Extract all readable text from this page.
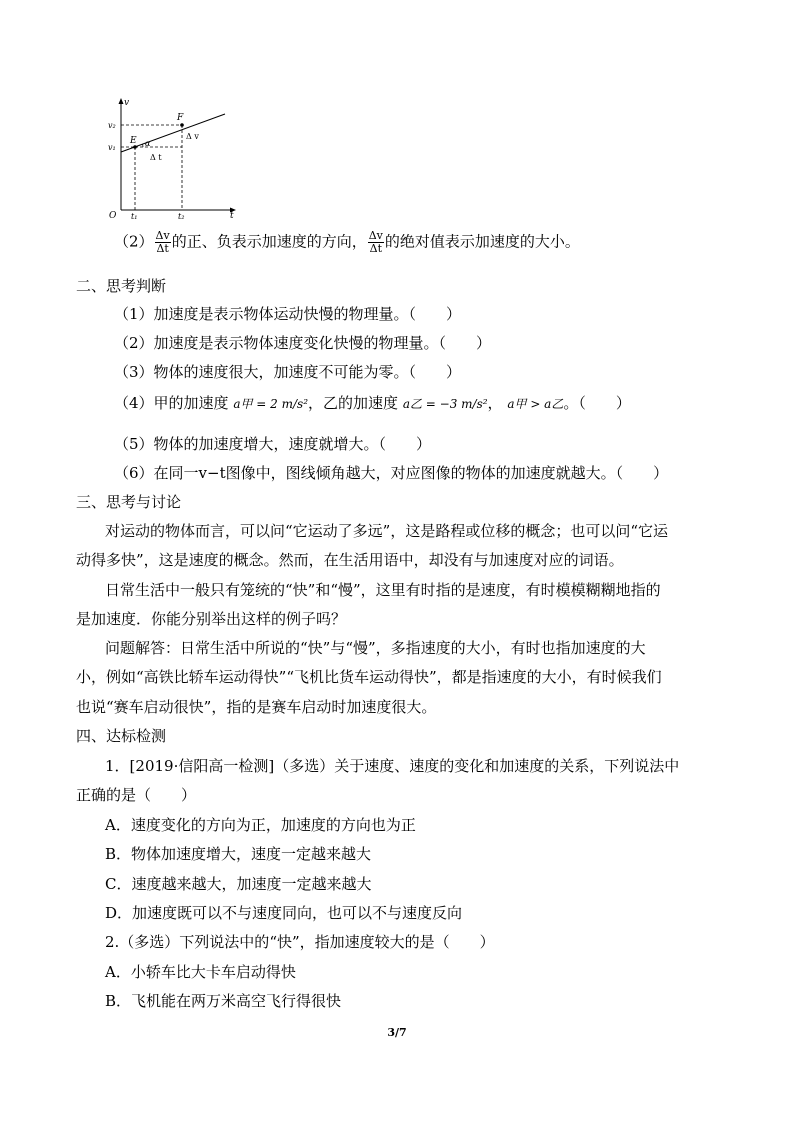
v
t
O
v₂
v₁
t₁	t₂
E
F
α
Δ v
Δ t
$(2) \frac{\Delta v}{\Delta t}$ 的正、负表示加速度的方向， $\frac{\Delta v}{\Delta t}$ 的绝对值表示加速度的大小。
二、思考判断
（1）加速度是表示物体运动快慢的物理量。（　　）
（2）加速度是表示物体速度变化快慢的物理量。（　　）
（3）物体的速度很大，加速度不可能为零。（　　）
（4）甲的加速度 a甲 = 2 m/s²，乙的加速度 a乙 = −3 m/s²， a甲 > a乙。（　　）
（5）物体的加速度增大，速度就增大。（　　）
（6）在同一v−t图像中，图线倾角越大，对应图像的物体的加速度就越大。（　　）
三、思考与讨论
对运动的物体而言，可以问“它运动了多远”，这是路程或位移的概念；也可以问“它运
动得多快”，这是速度的概念。然而，在生活用语中，却没有与加速度对应的词语。
日常生活中一般只有笼统的“快”和“慢”，这里有时指的是速度，有时模模糊糊地指的
是加速度．你能分别举出这样的例子吗？
问题解答：日常生活中所说的“快”与“慢”，多指速度的大小，有时也指加速度的大
小，例如“高铁比轿车运动得快”“飞机比货车运动得快”，都是指速度的大小，有时候我们
也说“赛车启动很快”，指的是赛车启动时加速度很大。
四、达标检测
1．[2019·信阳高一检测]（多选）关于速度、速度的变化和加速度的关系，下列说法中
正确的是（　　）
A．速度变化的方向为正，加速度的方向也为正
B．物体加速度增大，速度一定越来越大
C．速度越来越大，加速度一定越来越大
D．加速度既可以不与速度同向，也可以不与速度反向
2.（多选）下列说法中的“快”，指加速度较大的是（　　）
A．小轿车比大卡车启动得快
B．飞机能在两万米高空飞行得很快
3/7
